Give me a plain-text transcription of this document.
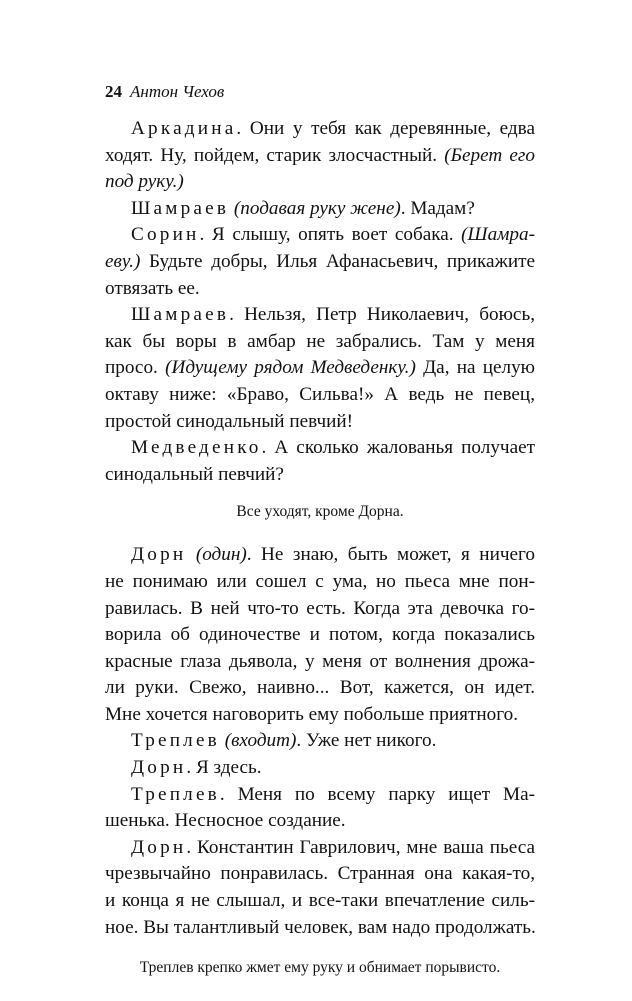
24 Антон Чехов

Аркадина. Они у тебя как деревянные, едва

ходят. Ну, пойдем, старик злосчастный. (Берет его

под руку.)

Шамраев (подавая руку жене). Мадам?

Сорин. Я слышу, опять воет собака. (Шамра-

еву.) Будьте добры, Илья Афанасьевич, прикажите

отвязать ее.

Шамраев. Нельзя, Петр Николаевич, боюсь,

как бы воры в амбар не забрались. Там у меня

просо. (Идущему рядом Медведенку.) Да, на целую

октаву ниже: «Браво, Сильва!» А ведь не певец,

простой синодальный певчий!

Медведенко. А сколько жалованья получает

синодальный певчий?

Все уходят, кроме Дорна.

Дорн (один). Не знаю, быть может, я ничего

не понимаю или сошел с ума, но пьеса мне пон-

равилась. В ней что-то есть. Когда эта девочка го-

ворила об одиночестве и потом, когда показались

красные глаза дьявола, у меня от волнения дрожа-

ли руки. Свежо, наивно... Вот, кажется, он идет.

Мне хочется наговорить ему побольше приятного.

Треплев (входит). Уже нет никого.

Дорн. Я здесь.

Треплев. Меня по всему парку ищет Ма-

шенька. Несносное создание.

Дорн. Константин Гаврилович, мне ваша пьеса

чрезвычайно понравилась. Странная она какая-то,

и конца я не слышал, и все-таки впечатление силь-

ное. Вы талантливый человек, вам надо продолжать.

Треплев крепко жмет ему руку и обнимает порывисто.
